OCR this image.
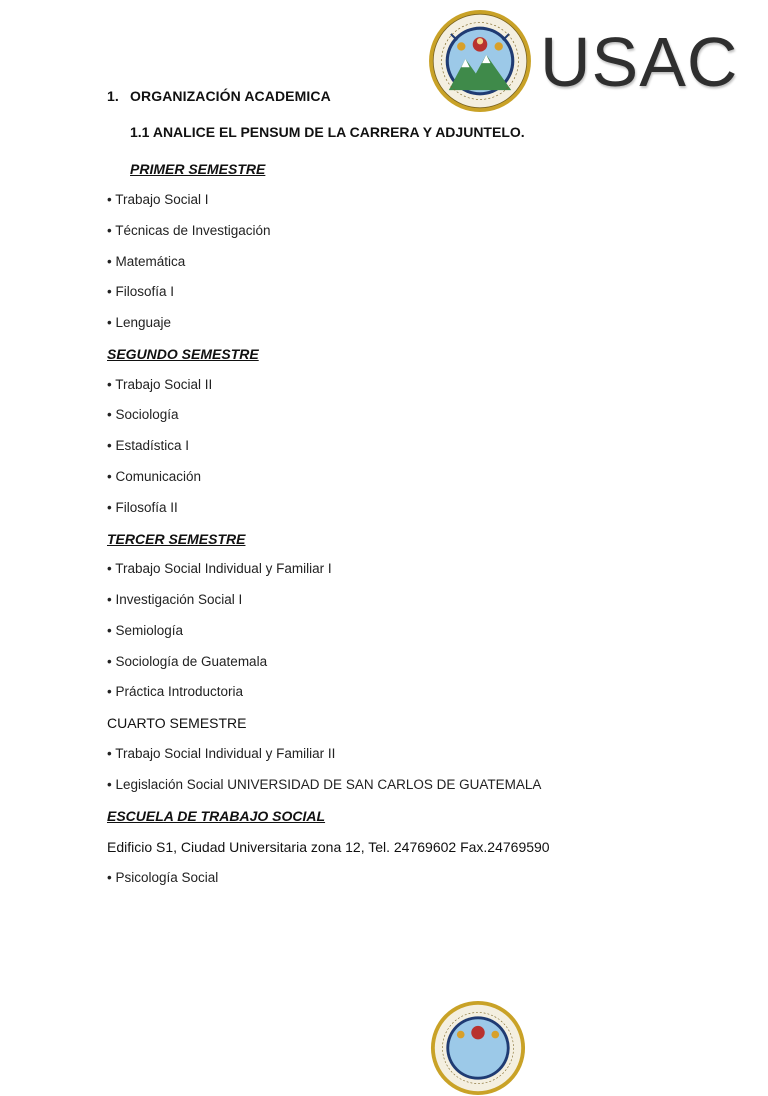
USAC
1. ORGANIZACIÓN ACADEMICA
1.1 ANALICE EL PENSUM DE LA CARRERA Y ADJUNTELO.
PRIMER SEMESTRE
• Trabajo Social I
• Técnicas de Investigación
• Matemática
• Filosofía I
• Lenguaje
SEGUNDO SEMESTRE
• Trabajo Social II
• Sociología
• Estadística I
• Comunicación
• Filosofía II
TERCER SEMESTRE
• Trabajo Social Individual y Familiar I
• Investigación Social I
• Semiología
• Sociología de Guatemala
• Práctica Introductoria
CUARTO SEMESTRE
• Trabajo Social Individual y Familiar II
• Legislación Social UNIVERSIDAD DE SAN CARLOS DE GUATEMALA
ESCUELA DE TRABAJO SOCIAL
Edificio S1, Ciudad Universitaria zona 12, Tel. 24769602 Fax.24769590
• Psicología Social
